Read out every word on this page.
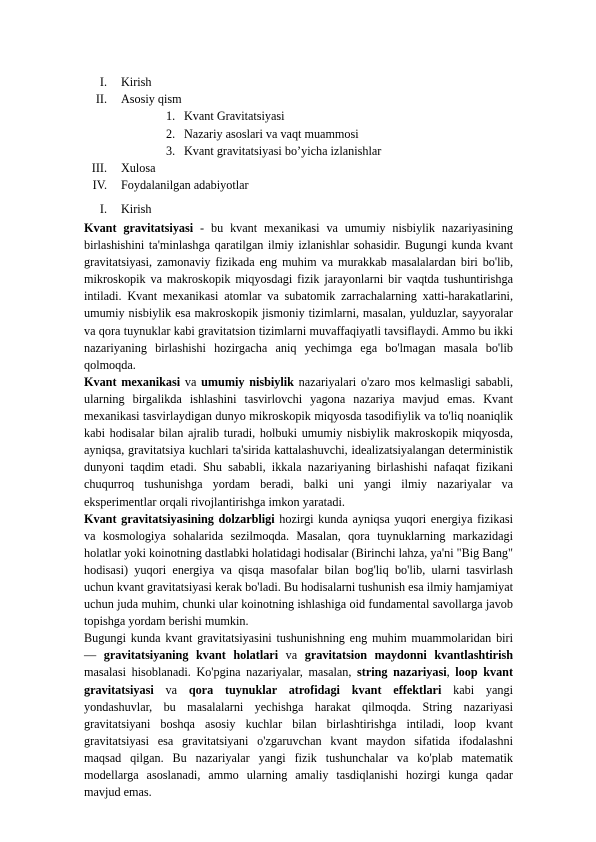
I. Kirish
II. Asosiy qism
1. Kvant Gravitatsiyasi
2. Nazariy asoslari va vaqt muammosi
3. Kvant gravitatsiyasi bo’yicha izlanishlar
III. Xulosa
IV. Foydalanilgan adabiyotlar
I. Kirish

Kvant gravitatsiyasi - bu kvant mexanikasi va umumiy nisbiylik nazariyasining birlashishini ta'minlashga qaratilgan ilmiy izlanishlar sohasidir. Bugungi kunda kvant gravitatsiyasi, zamonaviy fizikada eng muhim va murakkab masalalardan biri bo'lib, mikroskopik va makroskopik miqyosdagi fizik jarayonlarni bir vaqtda tushuntirishga intiladi. Kvant mexanikasi atomlar va subatomik zarrachalarning xatti-harakatlarini, umumiy nisbiylik esa makroskopik jismoniy tizimlarni, masalan, yulduzlar, sayyoralar va qora tuynuklar kabi gravitatsion tizimlarni muvaffaqiyatli tavsiflaydi. Ammo bu ikki nazariyaning birlashishi hozirgacha aniq yechimga ega bo'lmagan masala bo'lib qolmoqda.

Kvant mexanikasi va umumiy nisbiylik nazariyalari o'zaro mos kelmasligi sababli, ularning birgalikda ishlashini tasvirlovchi yagona nazariya mavjud emas. Kvant mexanikasi tasvirlaydigan dunyo mikroskopik miqyosda tasodifiylik va to'liq noaniqlik kabi hodisalar bilan ajralib turadi, holbuki umumiy nisbiylik makroskopik miqyosda, ayniqsa, gravitatsiya kuchlari ta'sirida kattalashuvchi, idealizatsiyalangan deterministik dunyoni taqdim etadi. Shu sababli, ikkala nazariyaning birlashishi nafaqat fizikani chuqurroq tushunishga yordam beradi, balki uni yangi ilmiy nazariyalar va eksperimentlar orqali rivojlantirishga imkon yaratadi.

Kvant gravitatsiyasining dolzarbligi hozirgi kunda ayniqsa yuqori energiya fizikasi va kosmologiya sohalarida sezilmoqda. Masalan, qora tuynuklarning markazidagi holatlar yoki koinotning dastlabki holatidagi hodisalar (Birinchi lahza, ya'ni "Big Bang" hodisasi) yuqori energiya va qisqa masofalar bilan bog'liq bo'lib, ularni tasvirlash uchun kvant gravitatsiyasi kerak bo'ladi. Bu hodisalarni tushunish esa ilmiy hamjamiyat uchun juda muhim, chunki ular koinotning ishlashiga oid fundamental savollarga javob topishga yordam berishi mumkin.

Bugungi kunda kvant gravitatsiyasini tushunishning eng muhim muammolaridan biri — gravitatsiyaning kvant holatlari va gravitatsion maydonni kvantlashtirish masalasi hisoblanadi. Ko'pgina nazariyalar, masalan, string nazariyasi, loop kvant gravitatsiyasi va qora tuynuklar atrofidagi kvant effektlari kabi yangi yondashuvlar, bu masalalarni yechishga harakat qilmoqda. String nazariyasi gravitatsiyani boshqa asosiy kuchlar bilan birlashtirishga intiladi, loop kvant gravitatsiyasi esa gravitatsiyani o'zgaruvchan kvant maydon sifatida ifodalashni maqsad qilgan. Bu nazariyalar yangi fizik tushunchalar va ko'plab matematik modellarga asoslanadi, ammo ularning amaliy tasdiqlanishi hozirgi kunga qadar mavjud emas.
